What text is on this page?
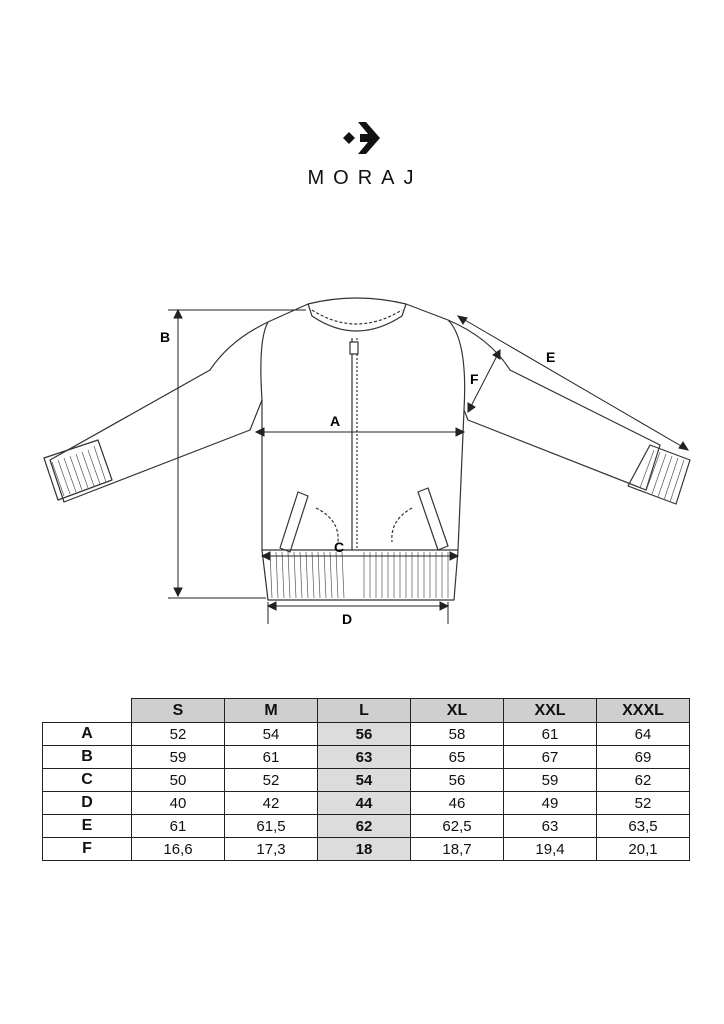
MORAJ
B
A
C
D
E
F
	S	M	L	XL	XXL	XXXL
A	52	54	56	58	61	64
B	59	61	63	65	67	69
C	50	52	54	56	59	62
D	40	42	44	46	49	52
E	61	61,5	62	62,5	63	63,5
F	16,6	17,3	18	18,7	19,4	20,1
